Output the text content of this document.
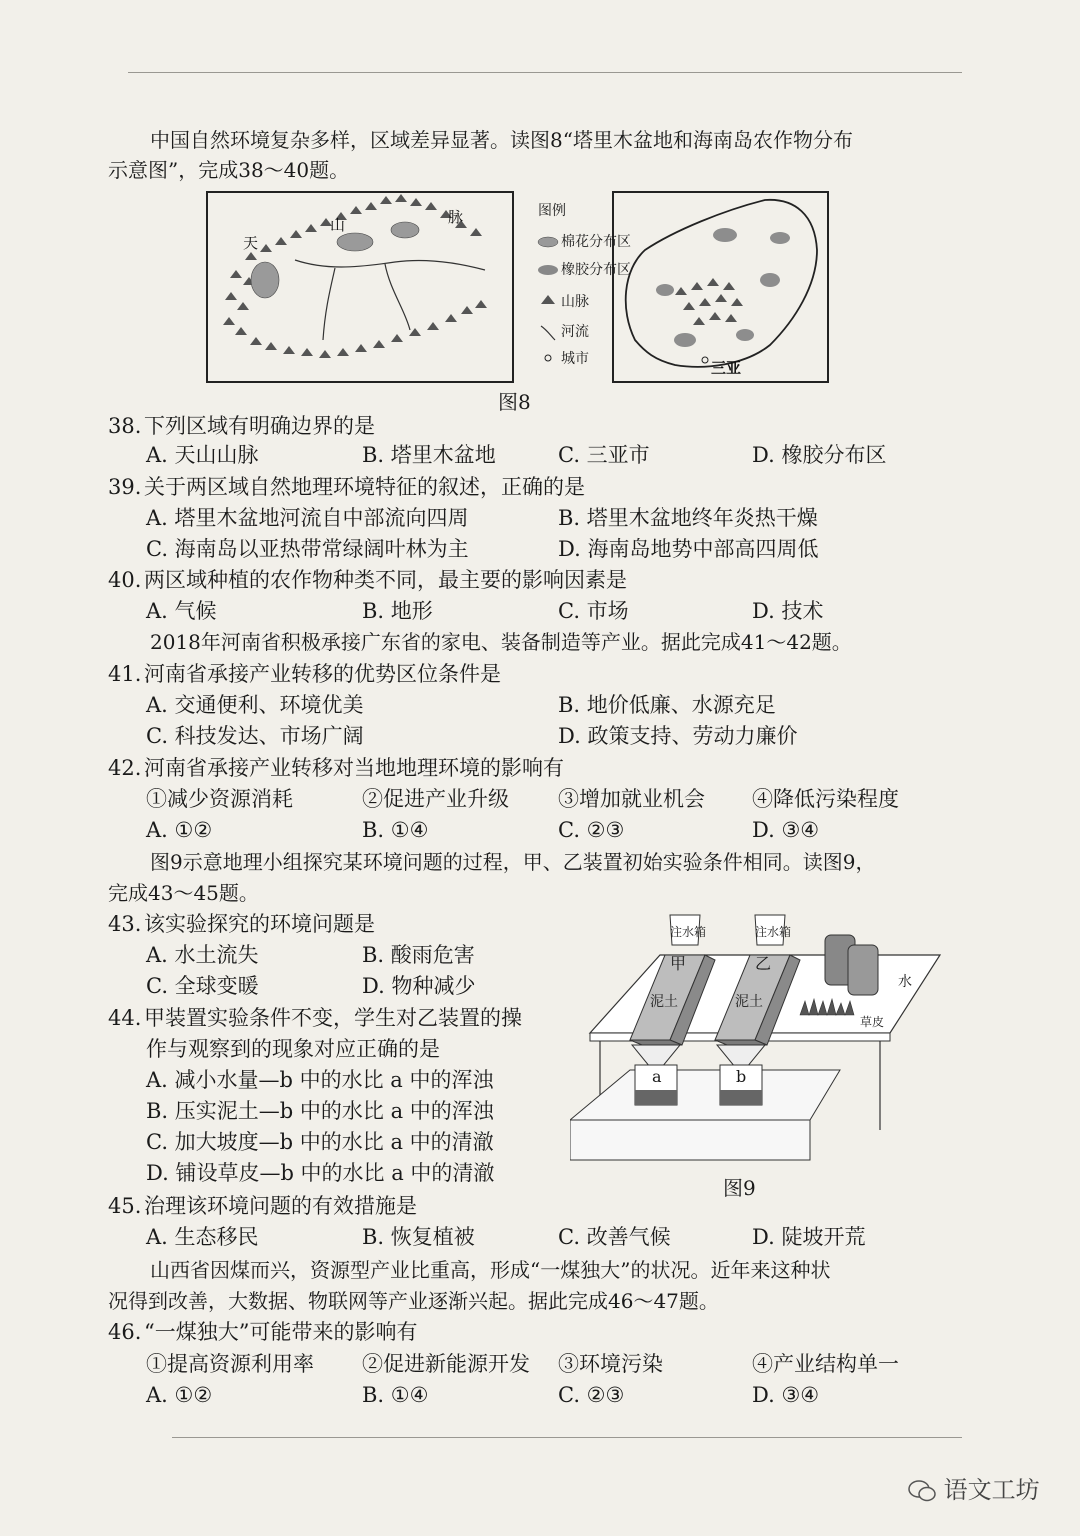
中国自然环境复杂多样，区域差异显著。读图8“塔里木盆地和海南岛农作物分布
示意图”，完成38～40题。
天
山	脉
三亚
图例
棉花分布区
橡胶分布区
山脉
河流
城市
图8
38. 下列区域有明确边界的是
A. 天山山脉	B. 塔里木盆地	C. 三亚市	D. 橡胶分布区
39. 关于两区域自然地理环境特征的叙述，正确的是
A. 塔里木盆地河流自中部流向四周	B. 塔里木盆地终年炎热干燥
C. 海南岛以亚热带常绿阔叶林为主	D. 海南岛地势中部高四周低
40. 两区域种植的农作物种类不同，最主要的影响因素是
A. 气候	B. 地形	C. 市场	D. 技术
2018年河南省积极承接广东省的家电、装备制造等产业。据此完成41～42题。
41. 河南省承接产业转移的优势区位条件是
A. 交通便利、环境优美	B. 地价低廉、水源充足
C. 科技发达、市场广阔	D. 政策支持、劳动力廉价
42. 河南省承接产业转移对当地地理环境的影响有
①减少资源消耗	②促进产业升级 ③增加就业机会 ④降低污染程度
A. ①②	B. ①④	C. ②③	D. ③④
图9示意地理小组探究某环境问题的过程，甲、乙装置初始实验条件相同。读图9，
完成43～45题。
43. 该实验探究的环境问题是
A. 水土流失	B. 酸雨危害
C. 全球变暖	D. 物种减少
44. 甲装置实验条件不变，学生对乙装置的操
作与观察到的现象对应正确的是
A. 减小水量—b 中的水比 a 中的浑浊
B. 压实泥土—b 中的水比 a 中的浑浊
C. 加大坡度—b 中的水比 a 中的清澈
D. 铺设草皮—b 中的水比 a 中的清澈
注水箱	注水箱
甲	乙
泥土	泥土
a	b
水
草皮
图9
45. 治理该环境问题的有效措施是
A. 生态移民	B. 恢复植被	C. 改善气候	D. 陡坡开荒
山西省因煤而兴，资源型产业比重高，形成“一煤独大”的状况。近年来这种状
况得到改善，大数据、物联网等产业逐渐兴起。据此完成46～47题。
46. “一煤独大”可能带来的影响有
①提高资源利用率 ②促进新能源开发 ③环境污染	④产业结构单一
A. ①②	B. ①④	C. ②③	D. ③④
语文工坊
